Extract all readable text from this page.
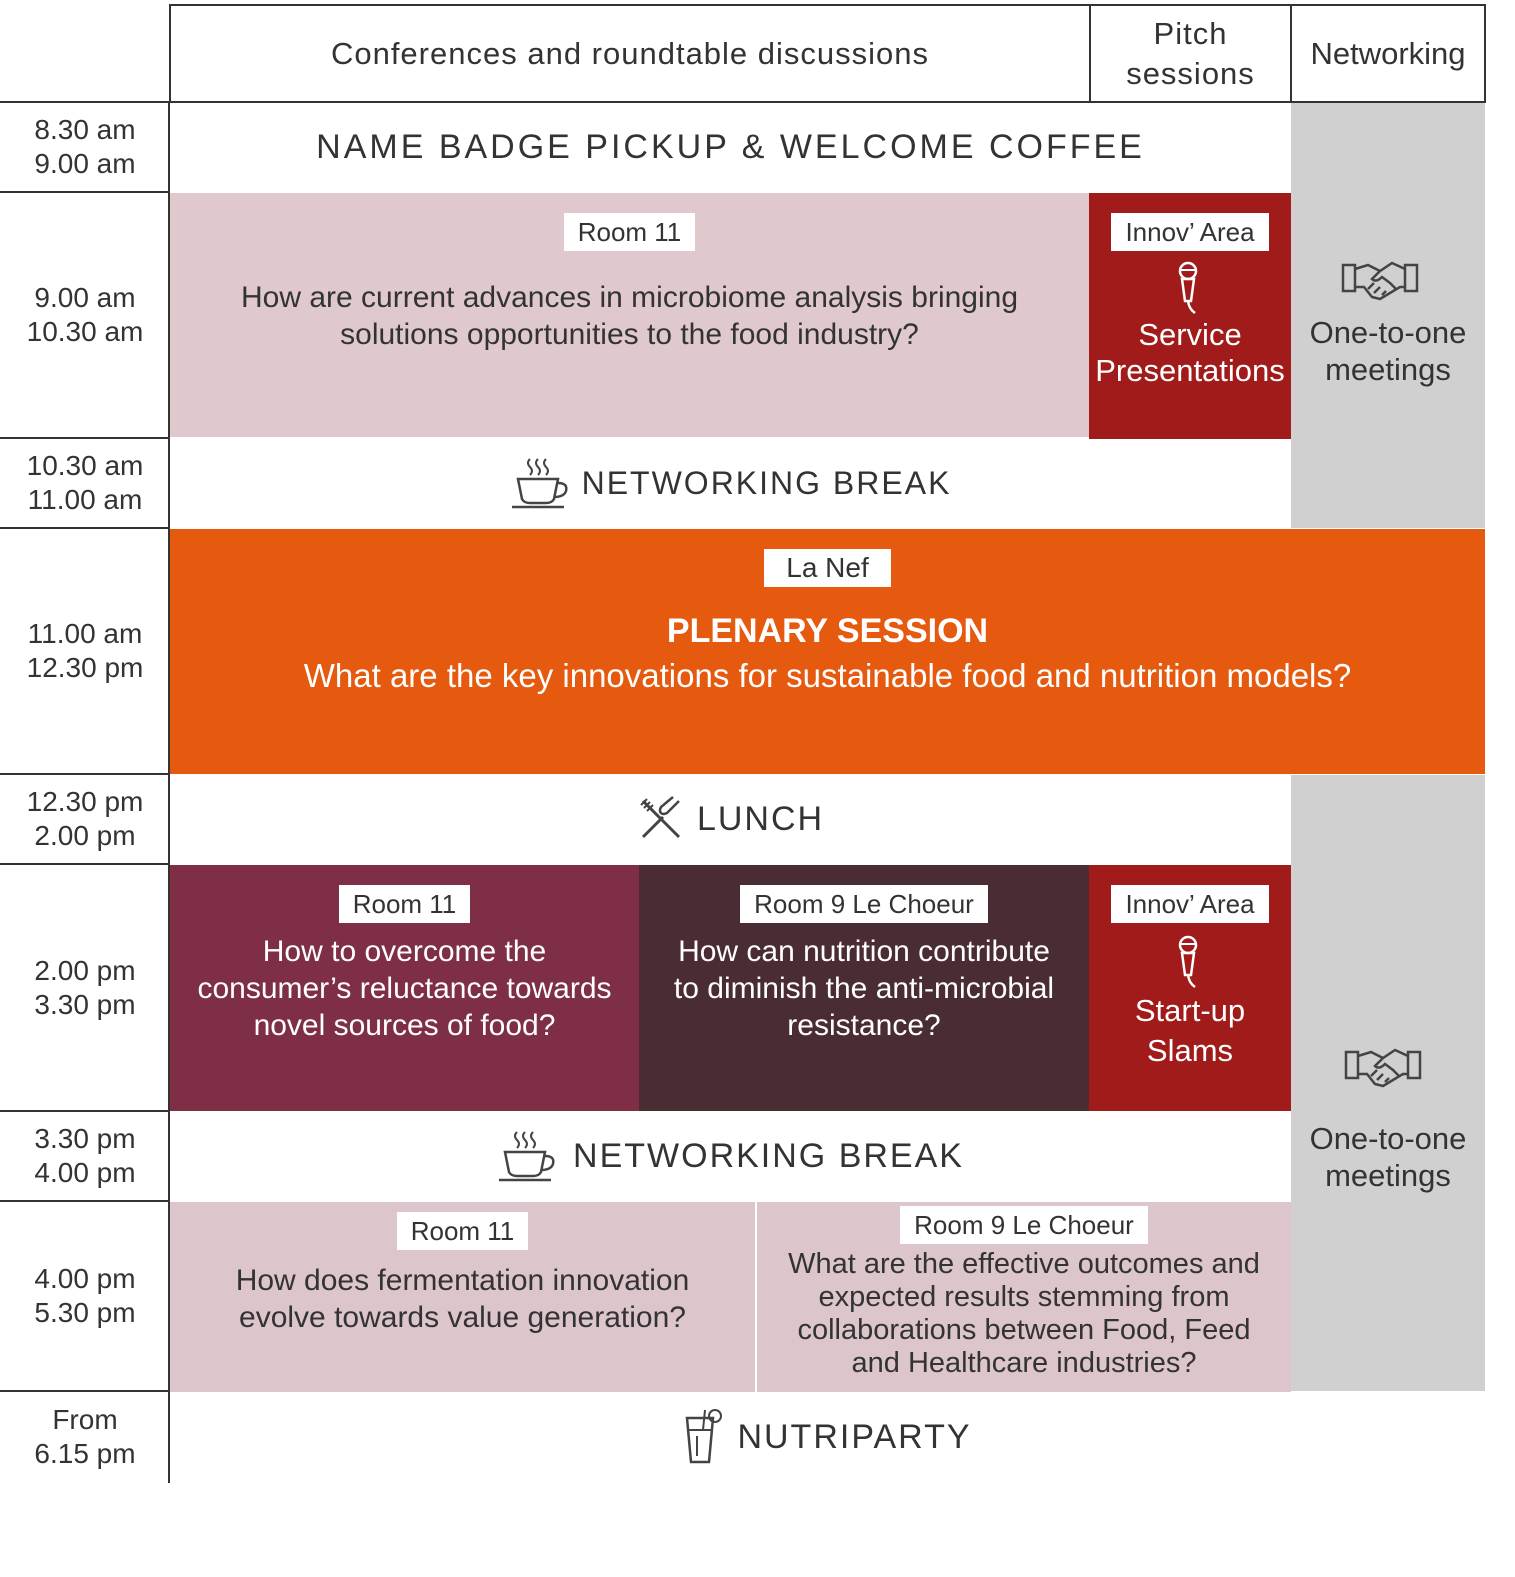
Conferences and roundtable discussions
Pitch
sessions
Networking
8.30 am
9.00 am
9.00 am
10.30 am
10.30 am
11.00 am
11.00 am
12.30 pm
12.30 pm
2.00 pm
2.00 pm
3.30 pm
3.30 pm
4.00 pm
4.00 pm
5.30 pm
From
6.15 pm
NAME BADGE PICKUP & WELCOME COFFEE
Room 11
How are current advances in microbiome analysis bringing
solutions opportunities to the food industry?
Innov’ Area
Service
Presentations
One-to-one
meetings
NETWORKING BREAK
La Nef
PLENARY SESSION
What are the key innovations for sustainable food and nutrition models?
LUNCH
Room 11
How to overcome the
consumer’s reluctance towards
novel sources of food?
Room 9 Le Choeur
How can nutrition contribute
to diminish the anti-microbial
resistance?
Innov’ Area
Start-up
Slams
One-to-one
meetings
NETWORKING BREAK
Room 11
How does fermentation innovation
evolve towards value generation?
Room 9 Le Choeur
What are the effective outcomes and
expected results stemming from
collaborations between Food, Feed
and Healthcare industries?
NUTRIPARTY
